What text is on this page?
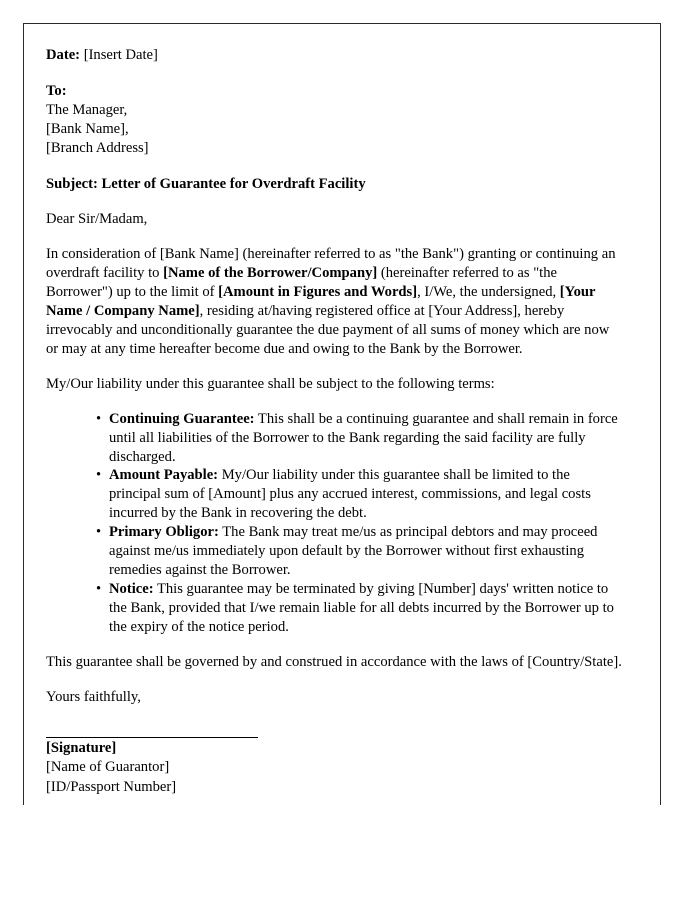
Date: [Insert Date]

To:

The Manager,

[Bank Name],

[Branch Address]

Subject: Letter of Guarantee for Overdraft Facility

Dear Sir/Madam,

In consideration of [Bank Name] (hereinafter referred to as "the Bank") granting or continuing an overdraft facility to [Name of the Borrower/Company] (hereinafter referred to as "the Borrower") up to the limit of [Amount in Figures and Words], I/We, the undersigned, [Your Name / Company Name], residing at/having registered office at [Your Address], hereby irrevocably and unconditionally guarantee the due payment of all sums of money which are now or may at any time hereafter become due and owing to the Bank by the Borrower.

My/Our liability under this guarantee shall be subject to the following terms:

• Continuing Guarantee: This shall be a continuing guarantee and shall remain in force until all liabilities of the Borrower to the Bank regarding the said facility are fully discharged.
• Amount Payable: My/Our liability under this guarantee shall be limited to the principal sum of [Amount] plus any accrued interest, commissions, and legal costs incurred by the Bank in recovering the debt.
• Primary Obligor: The Bank may treat me/us as principal debtors and may proceed against me/us immediately upon default by the Borrower without first exhausting remedies against the Borrower.
• Notice: This guarantee may be terminated by giving [Number] days' written notice to the Bank, provided that I/we remain liable for all debts incurred by the Borrower up to the expiry of the notice period.

This guarantee shall be governed by and construed in accordance with the laws of [Country/State].

Yours faithfully,

[Signature]

[Name of Guarantor]

[ID/Passport Number]
